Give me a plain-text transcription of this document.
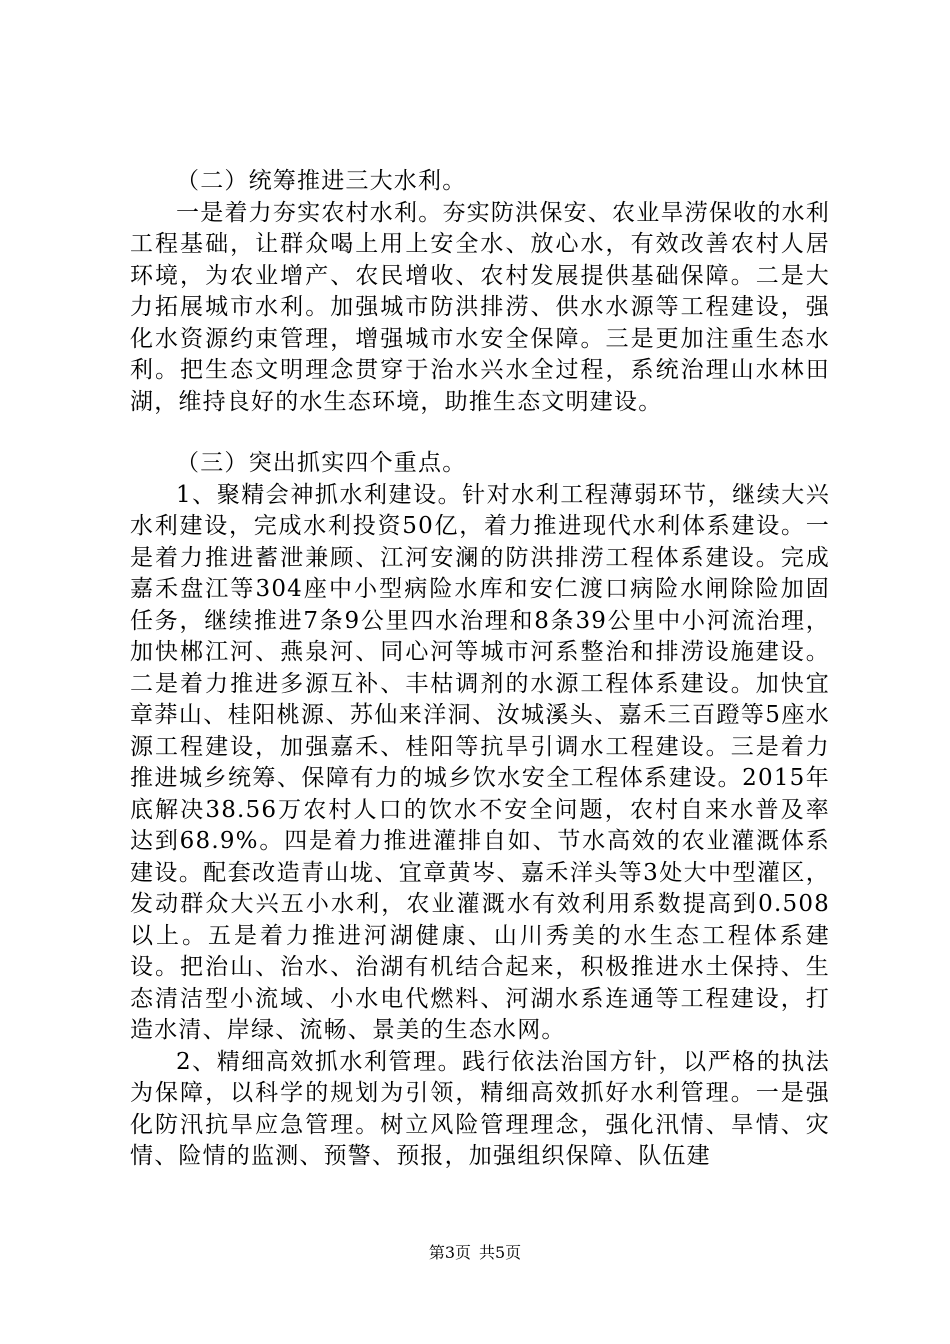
（二）统筹推进三大水利。

一是着力夯实农村水利。夯实防洪保安、农业旱涝保收的水利工程基础，让群众喝上用上安全水、放心水，有效改善农村人居环境，为农业增产、农民增收、农村发展提供基础保障。二是大力拓展城市水利。加强城市防洪排涝、供水水源等工程建设，强化水资源约束管理，增强城市水安全保障。三是更加注重生态水利。把生态文明理念贯穿于治水兴水全过程，系统治理山水林田湖，维持良好的水生态环境，助推生态文明建设。

（三）突出抓实四个重点。

1、聚精会神抓水利建设。针对水利工程薄弱环节，继续大兴水利建设，完成水利投资50亿，着力推进现代水利体系建设。一是着力推进蓄泄兼顾、江河安澜的防洪排涝工程体系建设。完成嘉禾盘江等304座中小型病险水库和安仁渡口病险水闸除险加固任务，继续推进7条9公里四水治理和8条39公里中小河流治理，加快郴江河、燕泉河、同心河等城市河系整治和排涝设施建设。二是着力推进多源互补、丰枯调剂的水源工程体系建设。加快宜章莽山、桂阳桃源、苏仙来洋洞、汝城溪头、嘉禾三百蹬等5座水源工程建设，加强嘉禾、桂阳等抗旱引调水工程建设。三是着力推进城乡统筹、保障有力的城乡饮水安全工程体系建设。2015年底解决38.56万农村人口的饮水不安全问题，农村自来水普及率达到68.9%。四是着力推进灌排自如、节水高效的农业灌溉体系建设。配套改造青山垅、宜章黄岑、嘉禾洋头等3处大中型灌区，发动群众大兴五小水利，农业灌溉水有效利用系数提高到0.508以上。五是着力推进河湖健康、山川秀美的水生态工程体系建设。把治山、治水、治湖有机结合起来，积极推进水土保持、生态清洁型小流域、小水电代燃料、河湖水系连通等工程建设，打造水清、岸绿、流畅、景美的生态水网。

2、精细高效抓水利管理。践行依法治国方针，以严格的执法为保障，以科学的规划为引领，精细高效抓好水利管理。一是强化防汛抗旱应急管理。树立风险管理理念，强化汛情、旱情、灾情、险情的监测、预警、预报，加强组织保障、队伍建

第3页 共5页
